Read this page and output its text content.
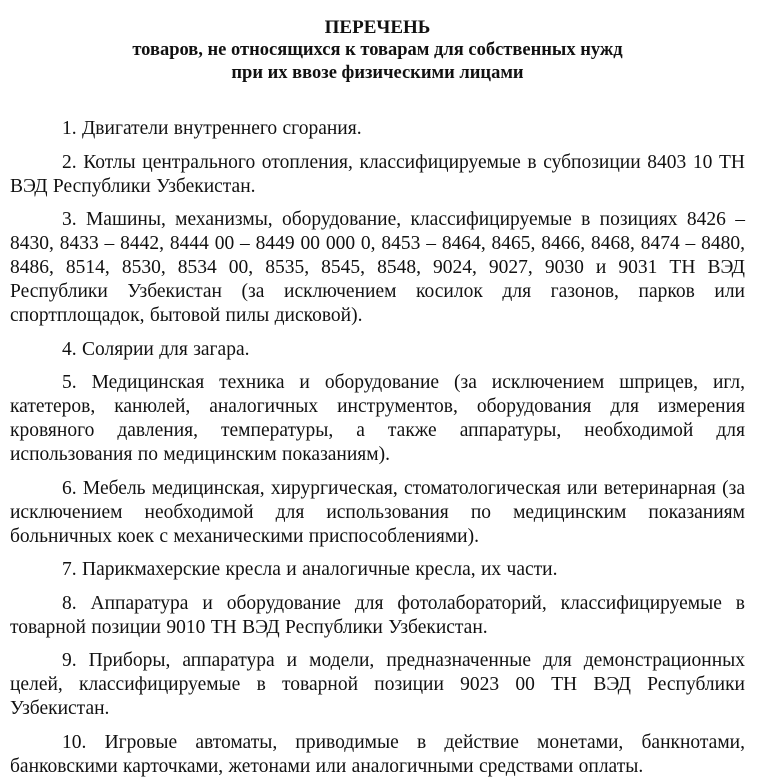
ПЕРЕЧЕНЬ
товаров, не относящихся к товарам для собственных нужд
при их ввозе физическими лицами

1. Двигатели внутреннего сгорания.

2. Котлы центрального отопления, классифицируемые в субпозиции 8403 10 ТН ВЭД Республики Узбекистан.

3. Машины, механизмы, оборудование, классифицируемые в позициях 8426 – 8430, 8433 – 8442, 8444 00 – 8449 00 000 0, 8453 – 8464, 8465, 8466, 8468, 8474 – 8480, 8486, 8514, 8530, 8534 00, 8535, 8545, 8548, 9024, 9027, 9030 и 9031 ТН ВЭД Республики Узбекистан (за исключением косилок для газонов, парков или спортплощадок, бытовой пилы дисковой).

4. Солярии для загара.

5. Медицинская техника и оборудование (за исключением шприцев, игл, катетеров, канюлей, аналогичных инструментов, оборудования для измерения кровяного давления, температуры, а также аппаратуры, необходимой для использования по медицинским показаниям).

6. Мебель медицинская, хирургическая, стоматологическая или ветеринарная (за исключением необходимой для использования по медицинским показаниям больничных коек с механическими приспособлениями).

7. Парикмахерские кресла и аналогичные кресла, их части.

8. Аппаратура и оборудование для фотолабораторий, классифицируемые в товарной позиции 9010 ТН ВЭД Республики Узбекистан.

9. Приборы, аппаратура и модели, предназначенные для демонстрационных целей, классифицируемые в товарной позиции 9023 00 ТН ВЭД Республики Узбекистан.

10. Игровые автоматы, приводимые в действие монетами, банкнотами, банковскими карточками, жетонами или аналогичными средствами оплаты.
